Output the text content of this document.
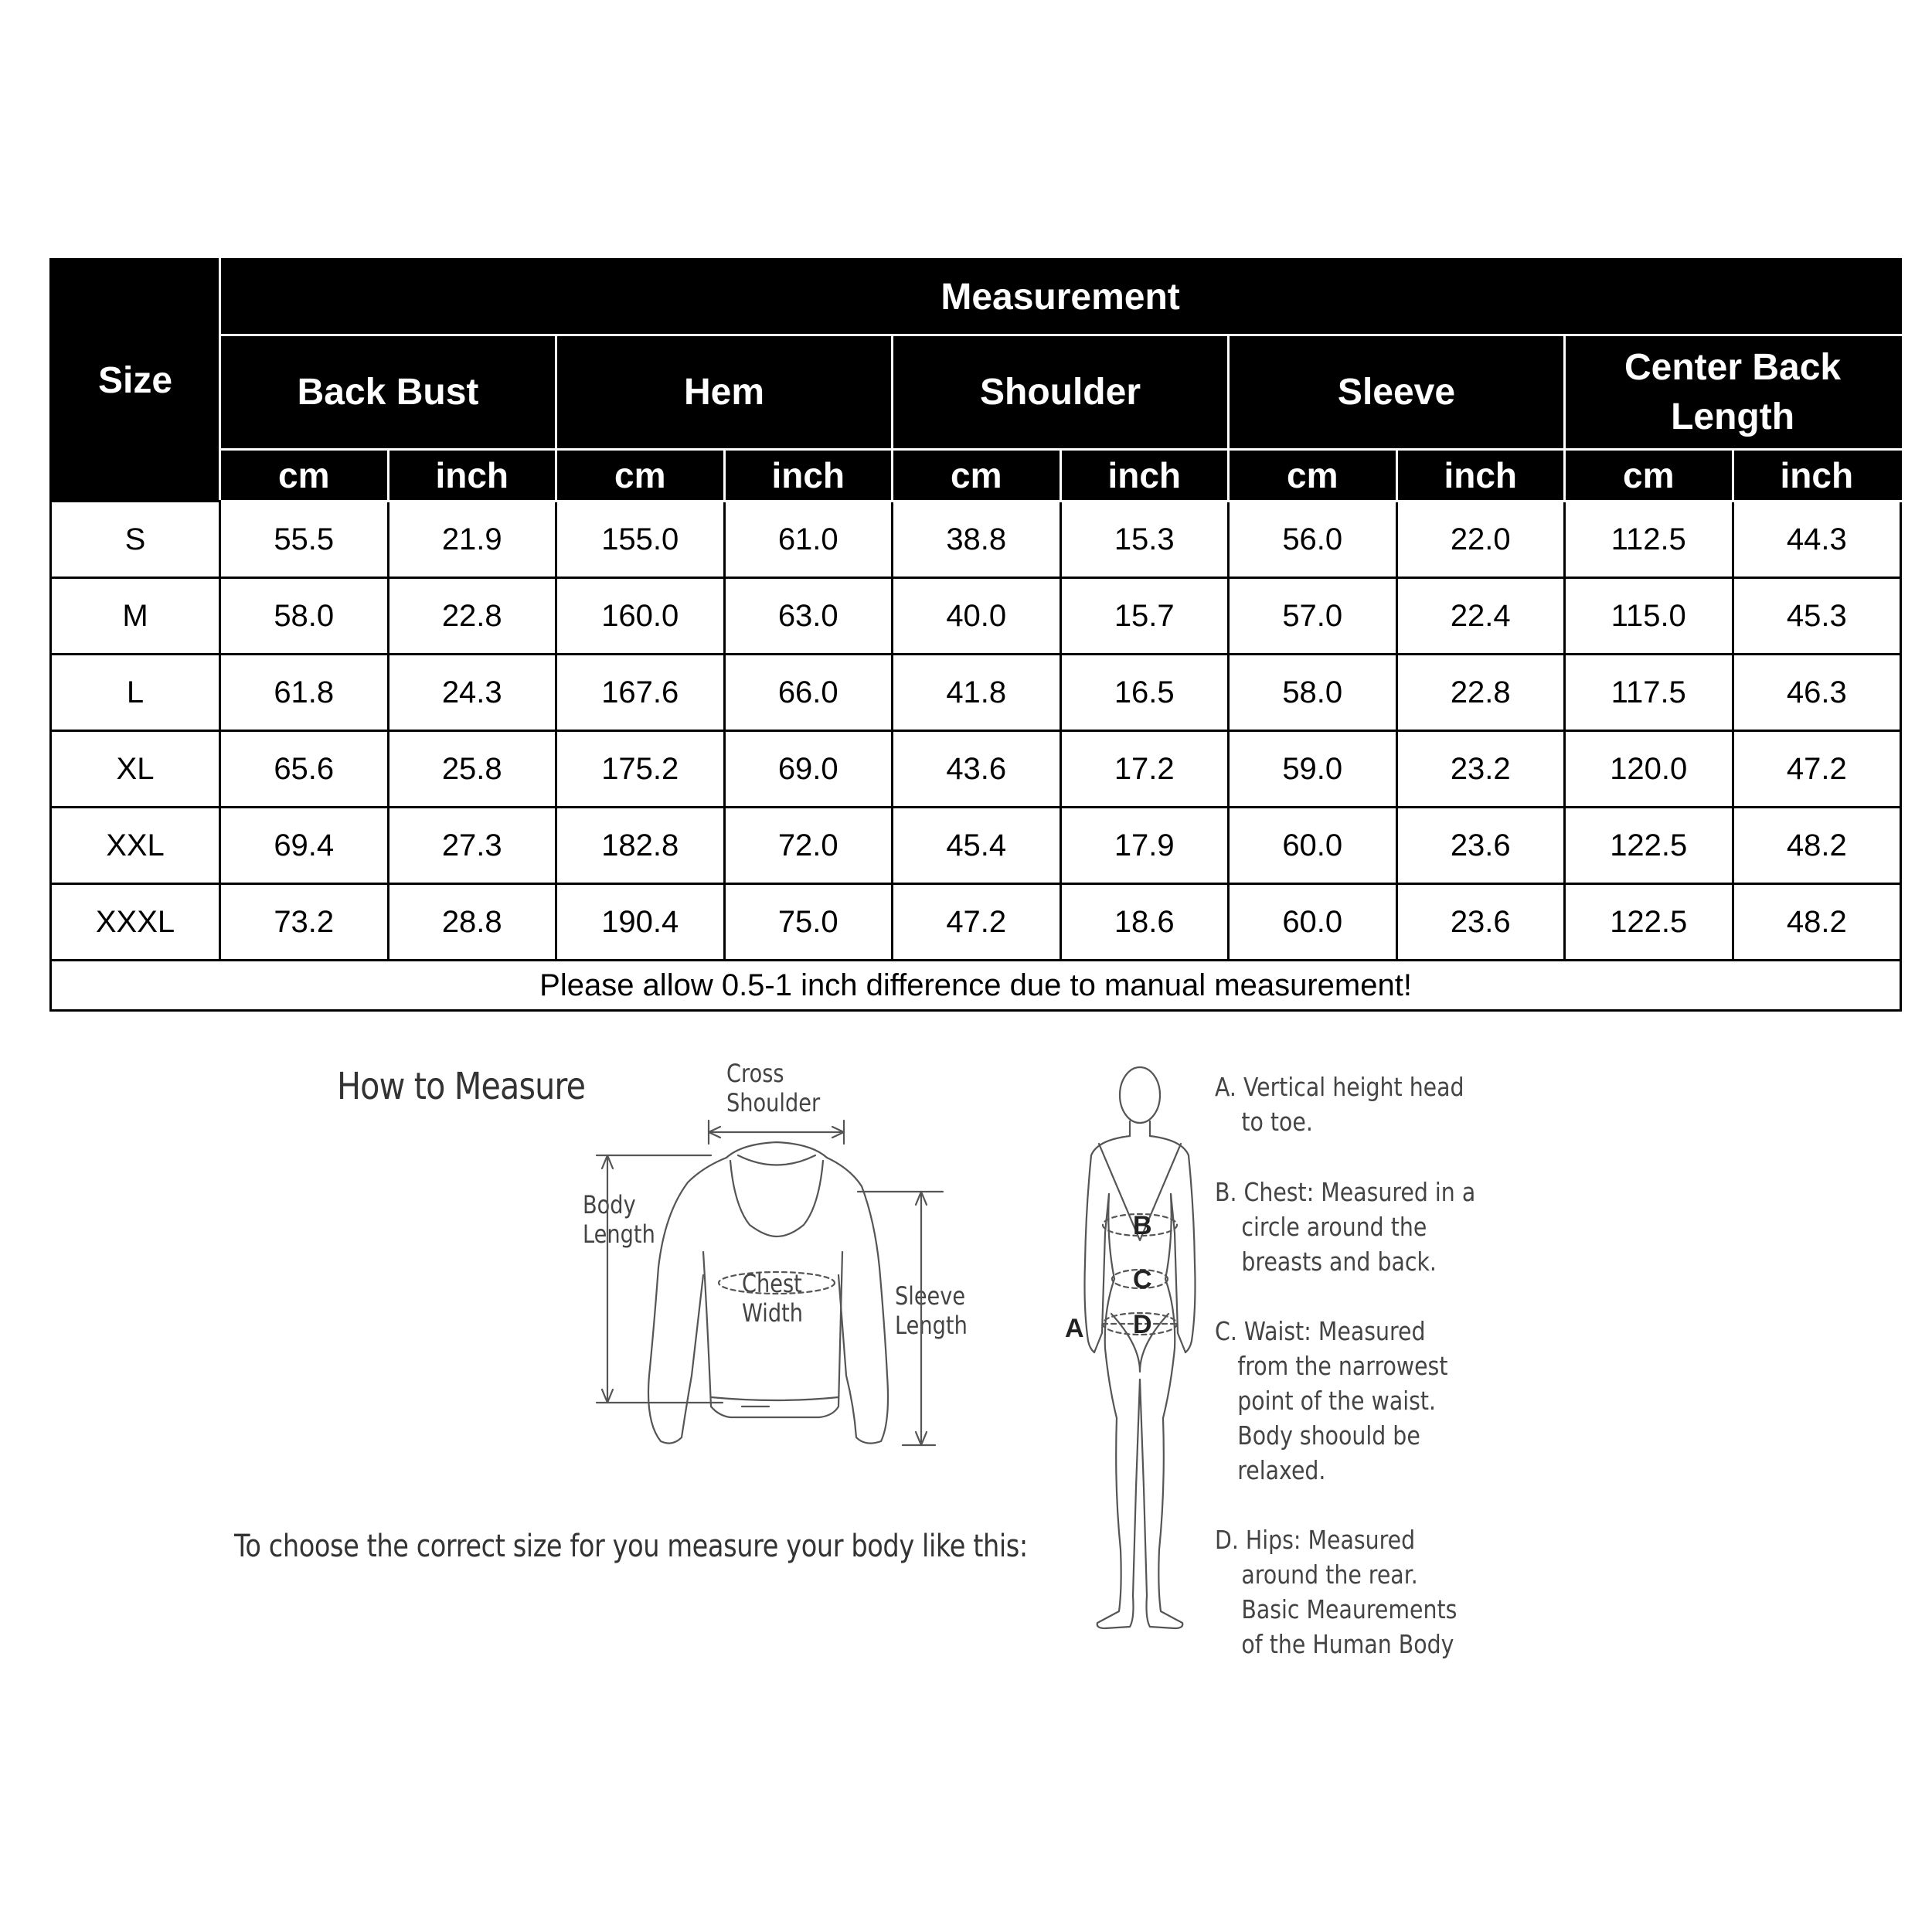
Size	Measurement									

	Back Bust		Hem		Shoulder		Sleeve		Center Back
Length	

	cm	inch	cm	inch	cm	inch	cm	inch	cm	inch
S	55.5	21.9	155.0	61.0	38.8	15.3	56.0	22.0	112.5	44.3
M	58.0	22.8	160.0	63.0	40.0	15.7	57.0	22.4	115.0	45.3
L	61.8	24.3	167.6	66.0	41.8	16.5	58.0	22.8	117.5	46.3
XL	65.6	25.8	175.2	69.0	43.6	17.2	59.0	23.2	120.0	47.2
XXL	69.4	27.3	182.8	72.0	45.4	17.9	60.0	23.6	122.5	48.2
XXXL	73.2	28.8	190.4	75.0	47.2	18.6	60.0	23.6	122.5	48.2
Please allow 0.5-1 inch difference due to manual measurement!										
How to Measure	Cross
Shoulder
Body
Length
Chest
Width
Sleeve
Length
B
C
D
A
A. Vertical height head
to toe.
B. Chest: Measured in a
circle around the
breasts and back.
C. Waist: Measured
from the narrowest
point of the waist.
Body shoould be
relaxed.
D. Hips: Measured
around the rear.
Basic Meaurements
of the Human Body
To choose the correct size for you measure your body like this:
